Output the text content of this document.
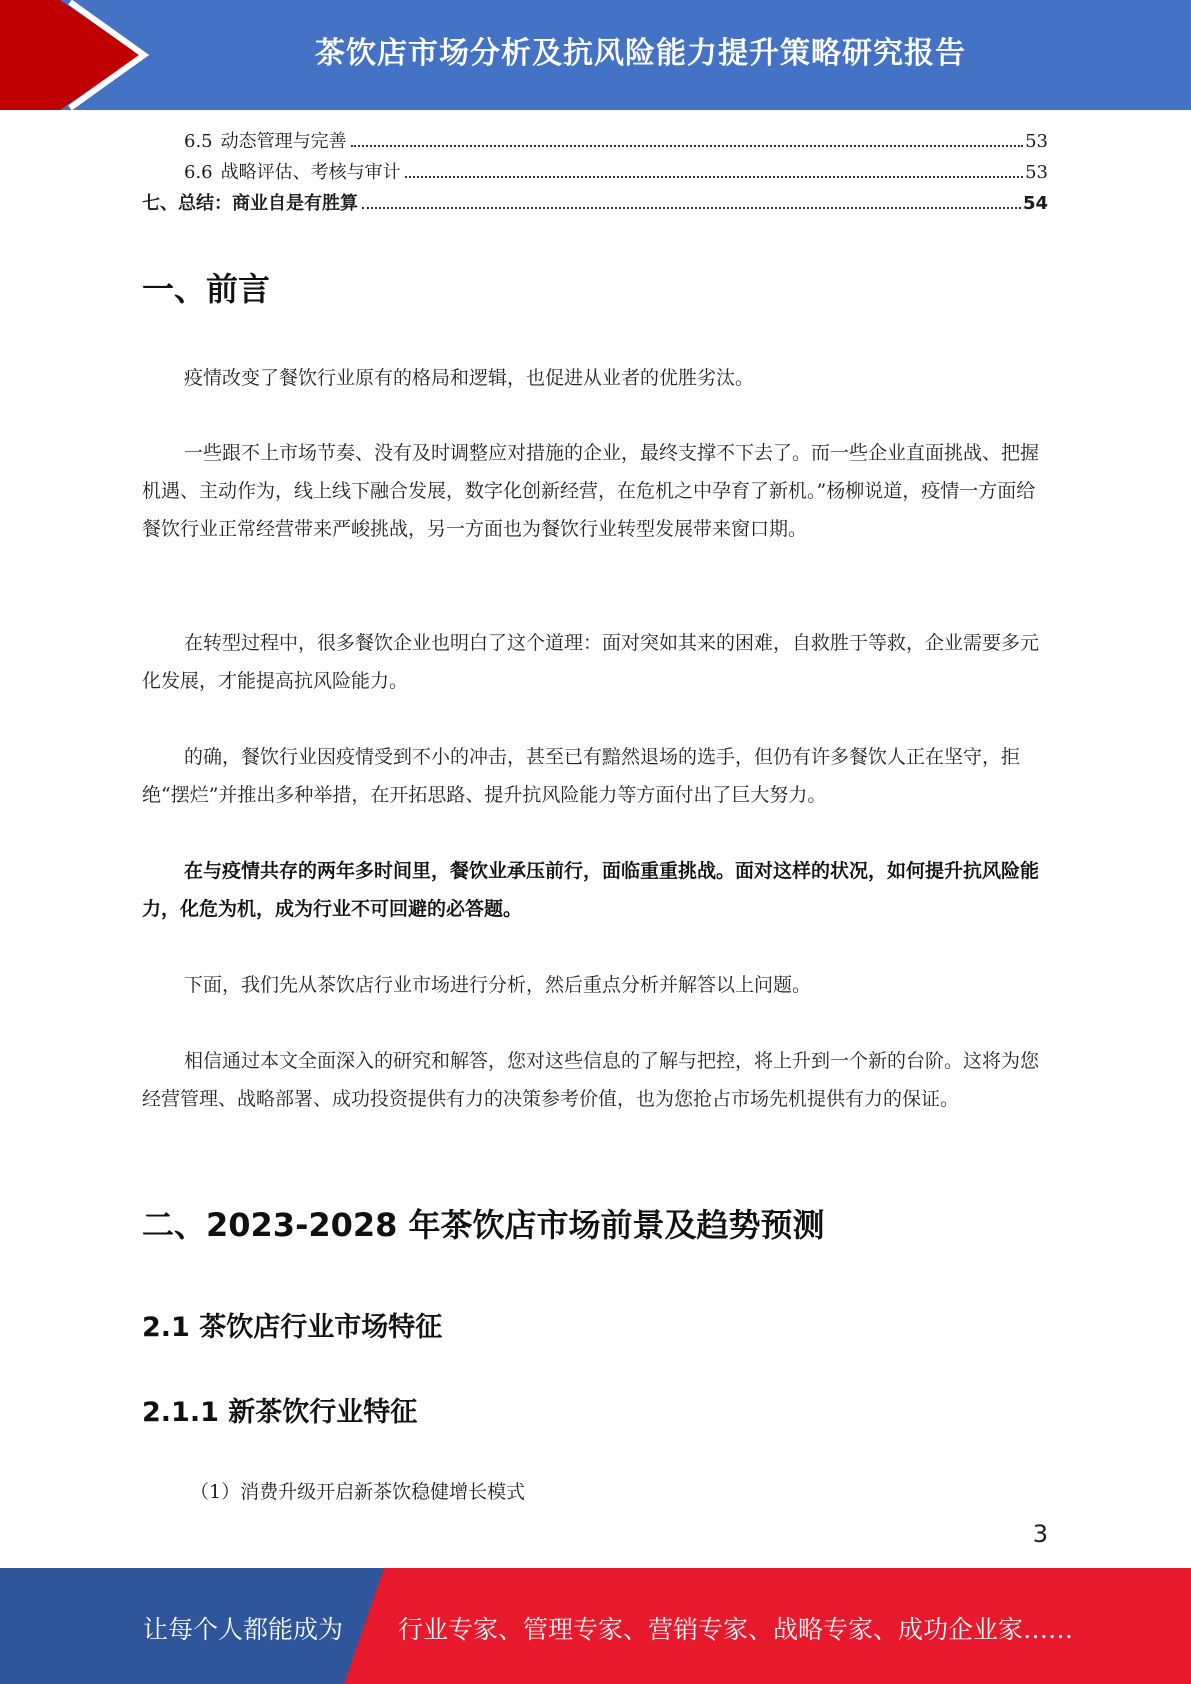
茶饮店市场分析及抗风险能力提升策略研究报告
6.5 动态管理与完善	53
6.6 战略评估、考核与审计	53
七、总结：商业自是有胜算	54
一、前言

疫情改变了餐饮行业原有的格局和逻辑，也促进从业者的优胜劣汰。

一些跟不上市场节奏、没有及时调整应对措施的企业，最终支撑不下去了。而一些企业直面挑战、把握机遇、主动作为，线上线下融合发展，数字化创新经营，在危机之中孕育了新机。”杨柳说道，疫情一方面给餐饮行业正常经营带来严峻挑战，另一方面也为餐饮行业转型发展带来窗口期。

在转型过程中，很多餐饮企业也明白了这个道理：面对突如其来的困难，自救胜于等救，企业需要多元化发展，才能提高抗风险能力。

的确，餐饮行业因疫情受到不小的冲击，甚至已有黯然退场的选手，但仍有许多餐饮人正在坚守，拒绝“摆烂”并推出多种举措，在开拓思路、提升抗风险能力等方面付出了巨大努力。

在与疫情共存的两年多时间里，餐饮业承压前行，面临重重挑战。面对这样的状况，如何提升抗风险能力，化危为机，成为行业不可回避的必答题。

下面，我们先从茶饮店行业市场进行分析，然后重点分析并解答以上问题。

相信通过本文全面深入的研究和解答，您对这些信息的了解与把控，将上升到一个新的台阶。这将为您经营管理、战略部署、成功投资提供有力的决策参考价值，也为您抢占市场先机提供有力的保证。

二、2023-2028 年茶饮店市场前景及趋势预测
2.1 茶饮店行业市场特征
2.1.1 新茶饮行业特征
（1）消费升级开启新茶饮稳健增长模式
3
让每个人都能成为 行业专家、管理专家、营销专家、战略专家、成功企业家……
